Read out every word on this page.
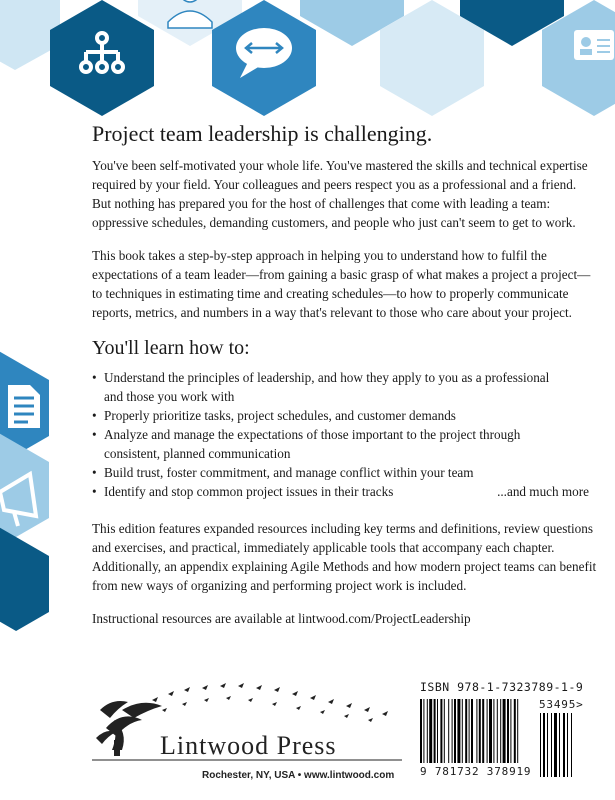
Project team leadership is challenging.

You've been self-motivated your whole life. You've mastered the skills and technical expertise required by your field. Your colleagues and peers respect you as a professional and a friend. But nothing has prepared you for the host of challenges that come with leading a team: oppressive schedules, demanding customers, and people who just can't seem to get to work.

This book takes a step-by-step approach in helping you to understand how to fulfil the expectations of a team leader—from gaining a basic grasp of what makes a project a project—to techniques in estimating time and creating schedules—to how to properly communicate reports, metrics, and numbers in a way that's relevant to those who care about your project.

You'll learn how to:
• Understand the principles of leadership, and how they apply to you as a professional
and those you work with
• Properly prioritize tasks, project schedules, and customer demands
• Analyze and manage the expectations of those important to the project through
consistent, planned communication
• Build trust, foster commitment, and manage conflict within your team
• Identify and stop common project issues in their tracks	...and much more

This edition features expanded resources including key terms and definitions, review questions and exercises, and practical, immediately applicable tools that accompany each chapter. Additionally, an appendix explaining Agile Methods and how modern project teams can benefit from new ways of organizing and performing project work is included.

Instructional resources are available at lintwood.com/ProjectLeadership

Lintwood Press
Rochester, NY, USA • www.lintwood.com
ISBN 978-1-7323789-1-9
53495>
9 781732 378919
